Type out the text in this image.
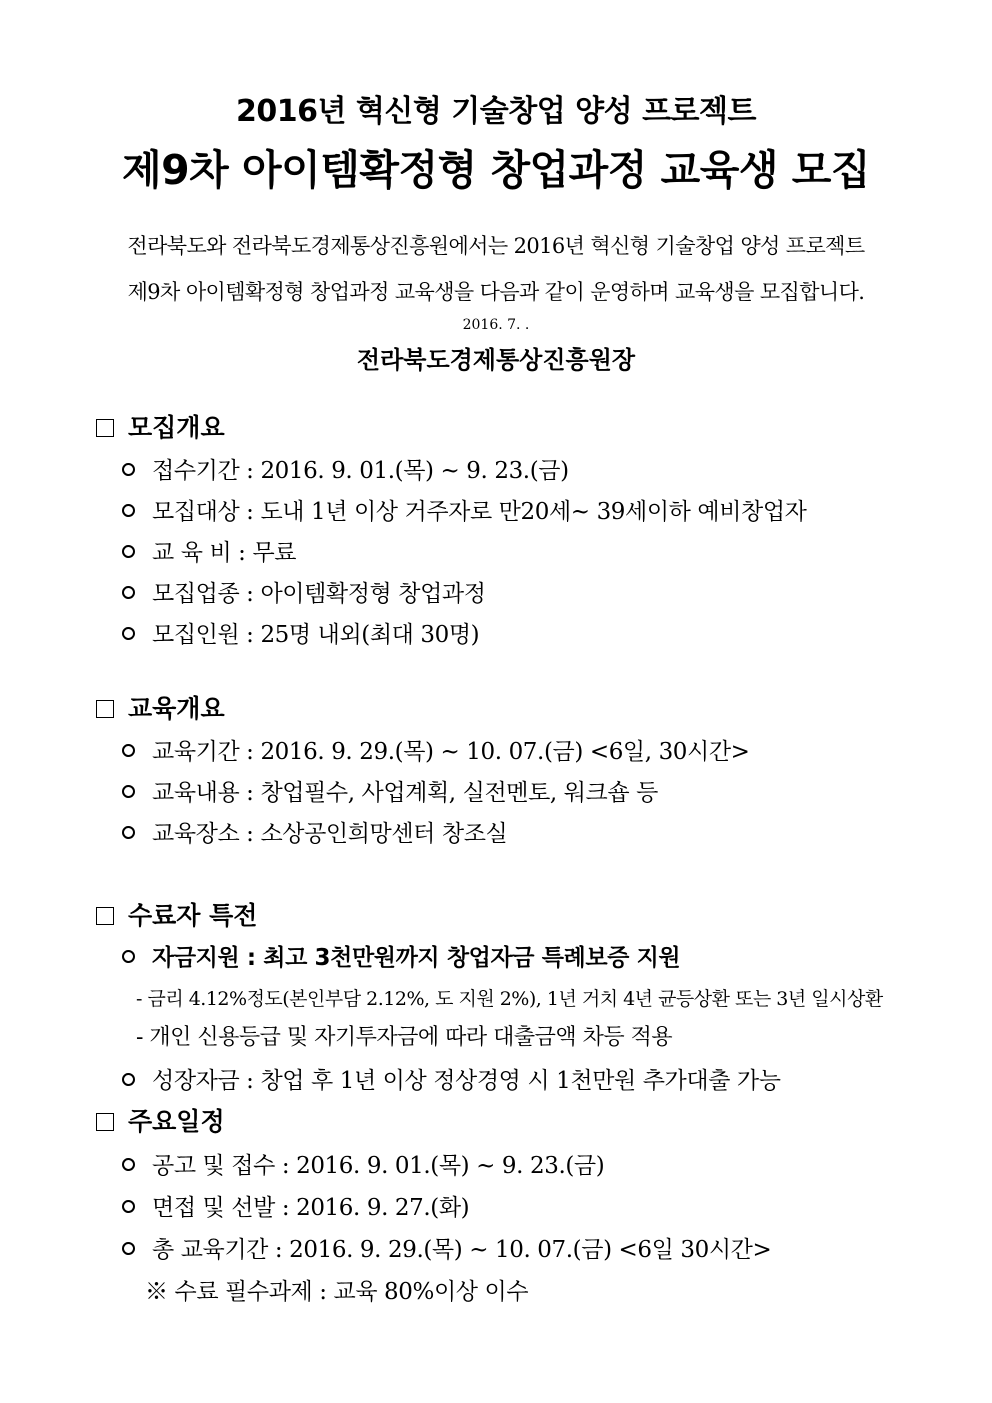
2016년 혁신형 기술창업 양성 프로젝트
제9차 아이템확정형 창업과정 교육생 모집
전라북도와 전라북도경제통상진흥원에서는 2016년 혁신형 기술창업 양성 프로젝트
제9차 아이템확정형 창업과정 교육생을 다음과 같이 운영하며 교육생을 모집합니다.
2016. 7. .
전라북도경제통상진흥원장
모집개요
접수기간 : 2016. 9. 01.(목) ~ 9. 23.(금)
모집대상 : 도내 1년 이상 거주자로 만20세~ 39세이하 예비창업자
교 육 비 : 무료
모집업종 : 아이템확정형 창업과정
모집인원 : 25명 내외(최대 30명)
교육개요
교육기간 : 2016. 9. 29.(목) ~ 10. 07.(금) <6일, 30시간>
교육내용 : 창업필수, 사업계획, 실전멘토, 워크숍 등
교육장소 : 소상공인희망센터 창조실
수료자 특전
자금지원 : 최고 3천만원까지 창업자금 특례보증 지원
- 금리 4.12%정도(본인부담 2.12%, 도 지원 2%), 1년 거치 4년 균등상환 또는 3년 일시상환
- 개인 신용등급 및 자기투자금에 따라 대출금액 차등 적용
성장자금 : 창업 후 1년 이상 정상경영 시 1천만원 추가대출 가능
주요일정
공고 및 접수 : 2016. 9. 01.(목) ~ 9. 23.(금)
면접 및 선발 : 2016. 9. 27.(화)
총 교육기간 : 2016. 9. 29.(목) ~ 10. 07.(금) <6일 30시간>
※ 수료 필수과제 : 교육 80%이상 이수
